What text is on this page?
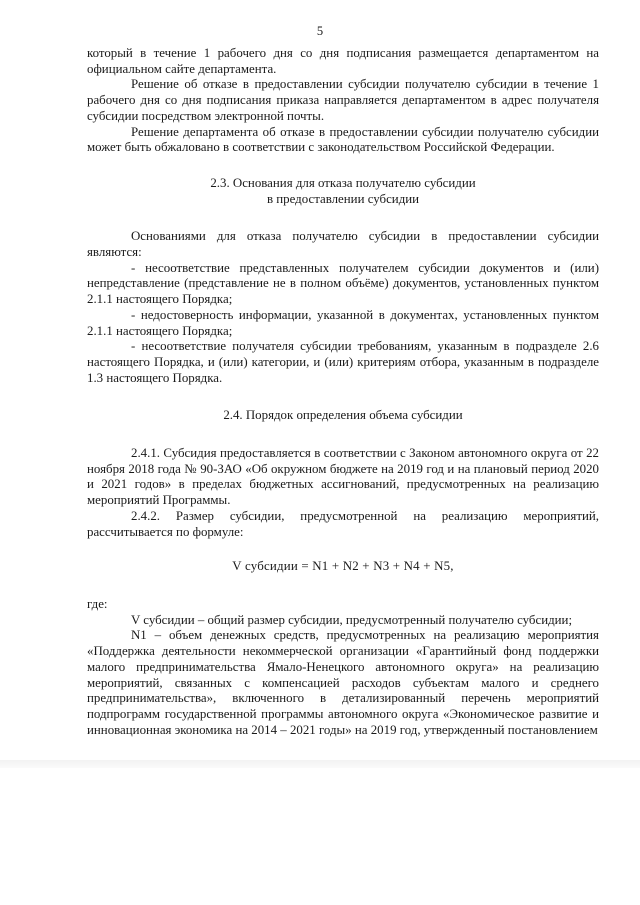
5

который в течение 1 рабочего дня со дня подписания размещается департаментом на официальном сайте департамента.

Решение об отказе в предоставлении субсидии получателю субсидии в течение 1 рабочего дня со дня подписания приказа направляется департаментом в адрес получателя субсидии посредством электронной почты.

Решение департамента об отказе в предоставлении субсидии получателю субсидии может быть обжаловано в соответствии с законодательством Российской Федерации.

2.3. Основания для отказа получателю субсидии
в предоставлении субсидии

Основаниями для отказа получателю субсидии в предоставлении субсидии являются:

- несоответствие представленных получателем субсидии документов и (или) непредставление (представление не в полном объёме) документов, установленных пунктом 2.1.1 настоящего Порядка;

- недостоверность информации, указанной в документах, установленных пунктом 2.1.1 настоящего Порядка;

- несоответствие получателя субсидии требованиям, указанным в подразделе 2.6 настоящего Порядка, и (или) категории, и (или) критериям отбора, указанным в подразделе 1.3 настоящего Порядка.

2.4. Порядок определения объема субсидии

2.4.1. Субсидия предоставляется в соответствии с Законом автономного округа от 22 ноября 2018 года № 90-ЗАО «Об окружном бюджете на 2019 год и на плановый период 2020 и 2021 годов» в пределах бюджетных ассигнований, предусмотренных на реализацию мероприятий Программы.

2.4.2. Размер субсидии, предусмотренной на реализацию мероприятий, рассчитывается по формуле:

V субсидии = N1 + N2 + N3 + N4 + N5,

где:

V субсидии – общий размер субсидии, предусмотренный получателю субсидии;

N1 – объем денежных средств, предусмотренных на реализацию мероприятия «Поддержка деятельности некоммерческой организации «Гарантийный фонд поддержки малого предпринимательства Ямало-Ненецкого автономного округа» на реализацию мероприятий, связанных с компенсацией расходов субъектам малого и среднего предпринимательства», включенного в детализированный перечень мероприятий подпрограмм государственной программы автономного округа «Экономическое развитие и инновационная экономика на 2014 – 2021 годы» на 2019 год, утвержденный постановлением
